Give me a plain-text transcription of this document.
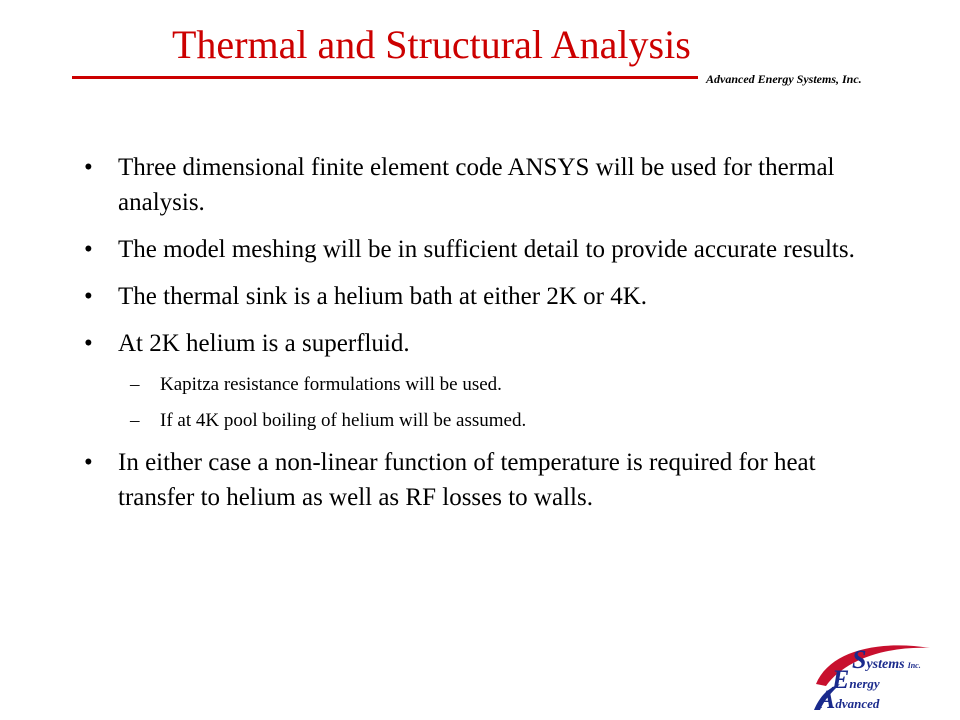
Thermal and Structural Analysis
Advanced Energy Systems, Inc.
• Three dimensional finite element code ANSYS will be used for thermal analysis.
• The model meshing will be in sufficient detail to provide accurate results.
• The thermal sink is a helium bath at either 2K or 4K.
• At 2K helium is a superfluid.
– Kapitza resistance formulations will be used.
– If at 4K pool boiling of helium will be assumed.
• In either case a non-linear function of temperature is required for heat transfer to helium as well as RF losses to walls.
Systems Inc.
Energy
Advanced
